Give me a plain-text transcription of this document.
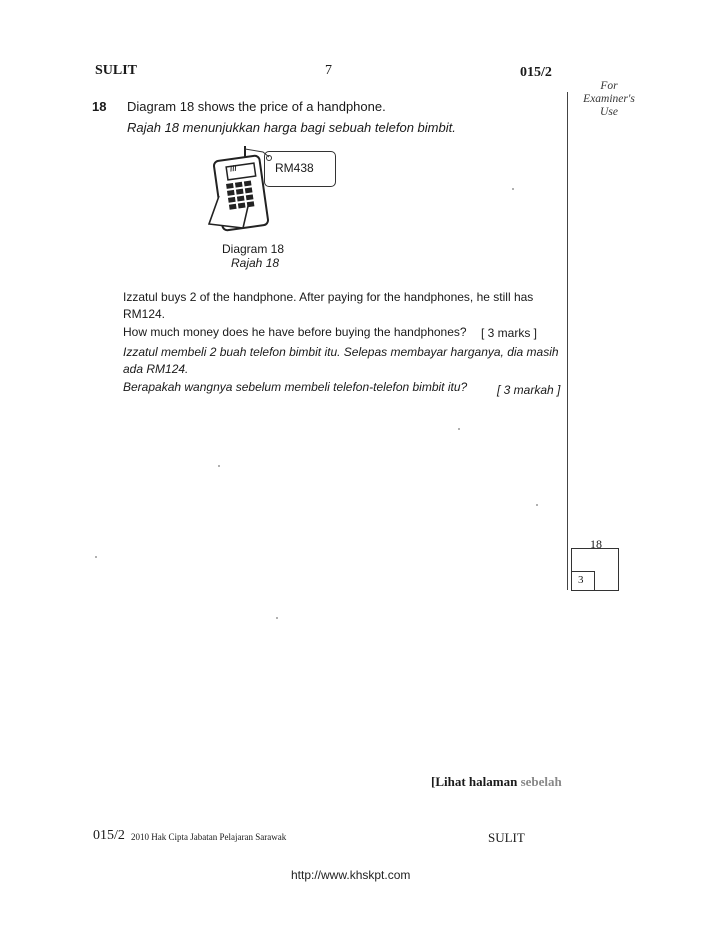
SULIT	7	015/2
For
Examiner's
Use
18
3
18 Diagram 18 shows the price of a handphone.
Rajah 18 menunjukkan harga bagi sebuah telefon bimbit.
///	RM438
Diagram 18
Rajah 18
Izzatul buys 2 of the handphone. After paying for the handphones, he still has
RM124.
How much money does he have before buying the handphones? [ 3 marks ]
Izzatul membeli 2 buah telefon bimbit itu. Selepas membayar harganya, dia masih
ada RM124.
Berapakah wangnya sebelum membeli telefon-telefon bimbit itu? [ 3 markah ]
[Lihat halaman sebelah
015/2 2010 Hak Cipta Jabatan Pelajaran Sarawak	SULIT
http://www.khskpt.com
